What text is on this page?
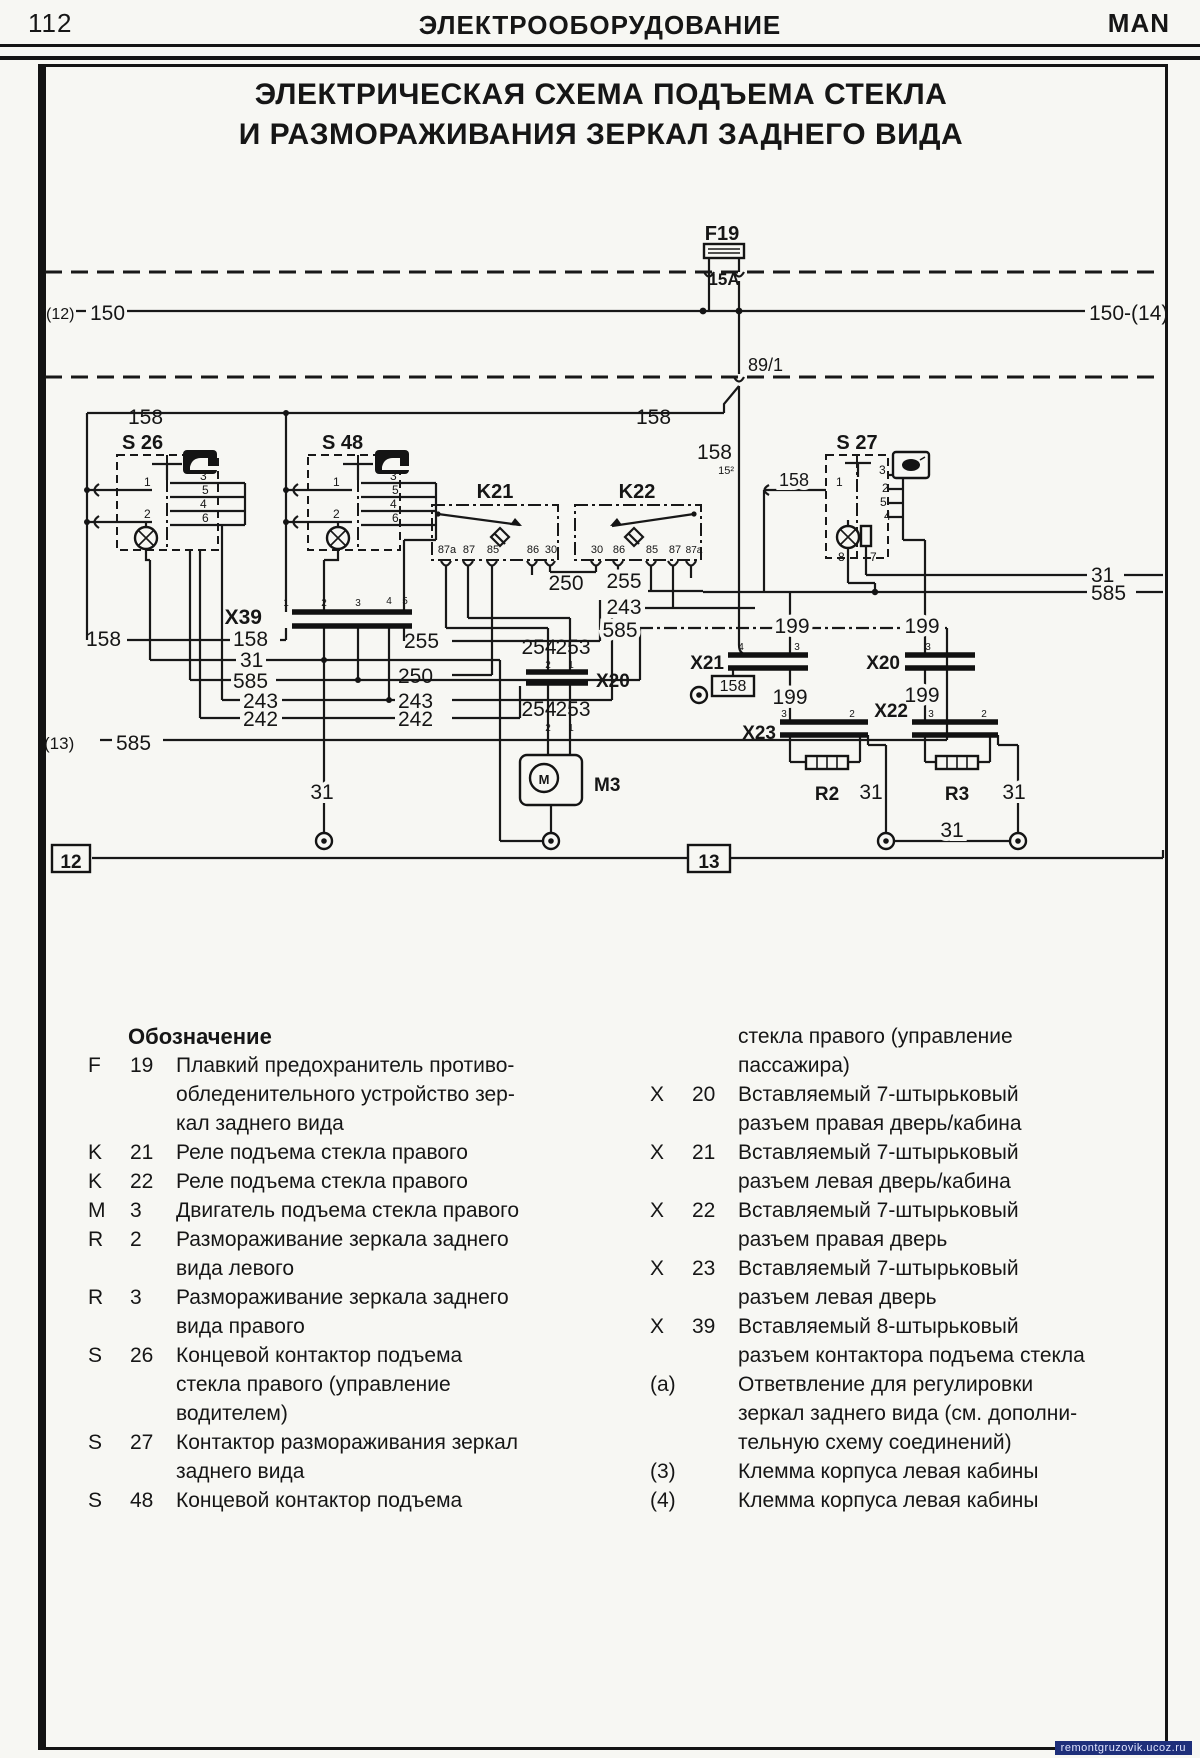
112	ЭЛЕКТРООБОРУДОВАНИЕ	MAN
ЭЛЕКТРИЧЕСКАЯ СХЕМА ПОДЪЕМА СТЕКЛА
И РАЗМОРАЖИВАНИЯ ЗЕРКАЛ ЗАДНЕГО ВИДА
F19
15A
(12) 150	150-(14)
89/1
158	158
S 26	S 48
K21	K22
S 27
158
15² 158
1
2
3
5
4
6
1
2
3
5
4
6
87a 87 85	86 30	30 86 85 87 87a
1
3
2
5
4
8 7
250 255
243
585
254
253
2 1
X20
254
253
2 1
M3
M
158	158
31
585
243
242
255
250
243
242
(13) 585
199	199
199	199
X21	X20
X23
X22
4	3	3
3	2	3	2
158
R2	R3
31	31	31
31
31
585
12	13
X39
1	2	3	4 5
Обозначение
F	19	Плавкий предохранитель противо-
обледенительного устройство зер-
кал заднего вида
K	21	Реле подъема стекла правого
K	22	Реле подъема стекла правого
M	3	Двигатель подъема стекла правого
R	2	Размораживание зеркала заднего
вида левого
R	3	Размораживание зеркала заднего
вида правого
S	26	Концевой контактор подъема
стекла правого (управление
водителем)
S	27	Контактор размораживания зеркал
заднего вида
S	48	Концевой контактор подъема
стекла правого (управление
пассажира)
X	20	Вставляемый 7-штырьковый
разъем правая дверь/кабина
X	21	Вставляемый 7-штырьковый
разъем левая дверь/кабина
X	22	Вставляемый 7-штырьковый
разъем правая дверь
X	23	Вставляемый 7-штырьковый
разъем левая дверь
X	39	Вставляемый 8-штырьковый
разъем контактора подъема стекла
(a)	Ответвление для регулировки
зеркал заднего вида (см. дополни-
тельную схему соединений)
(3)	Клемма корпуса левая кабины
(4)	Клемма корпуса левая кабины
remontgruzovik.ucoz.ru
